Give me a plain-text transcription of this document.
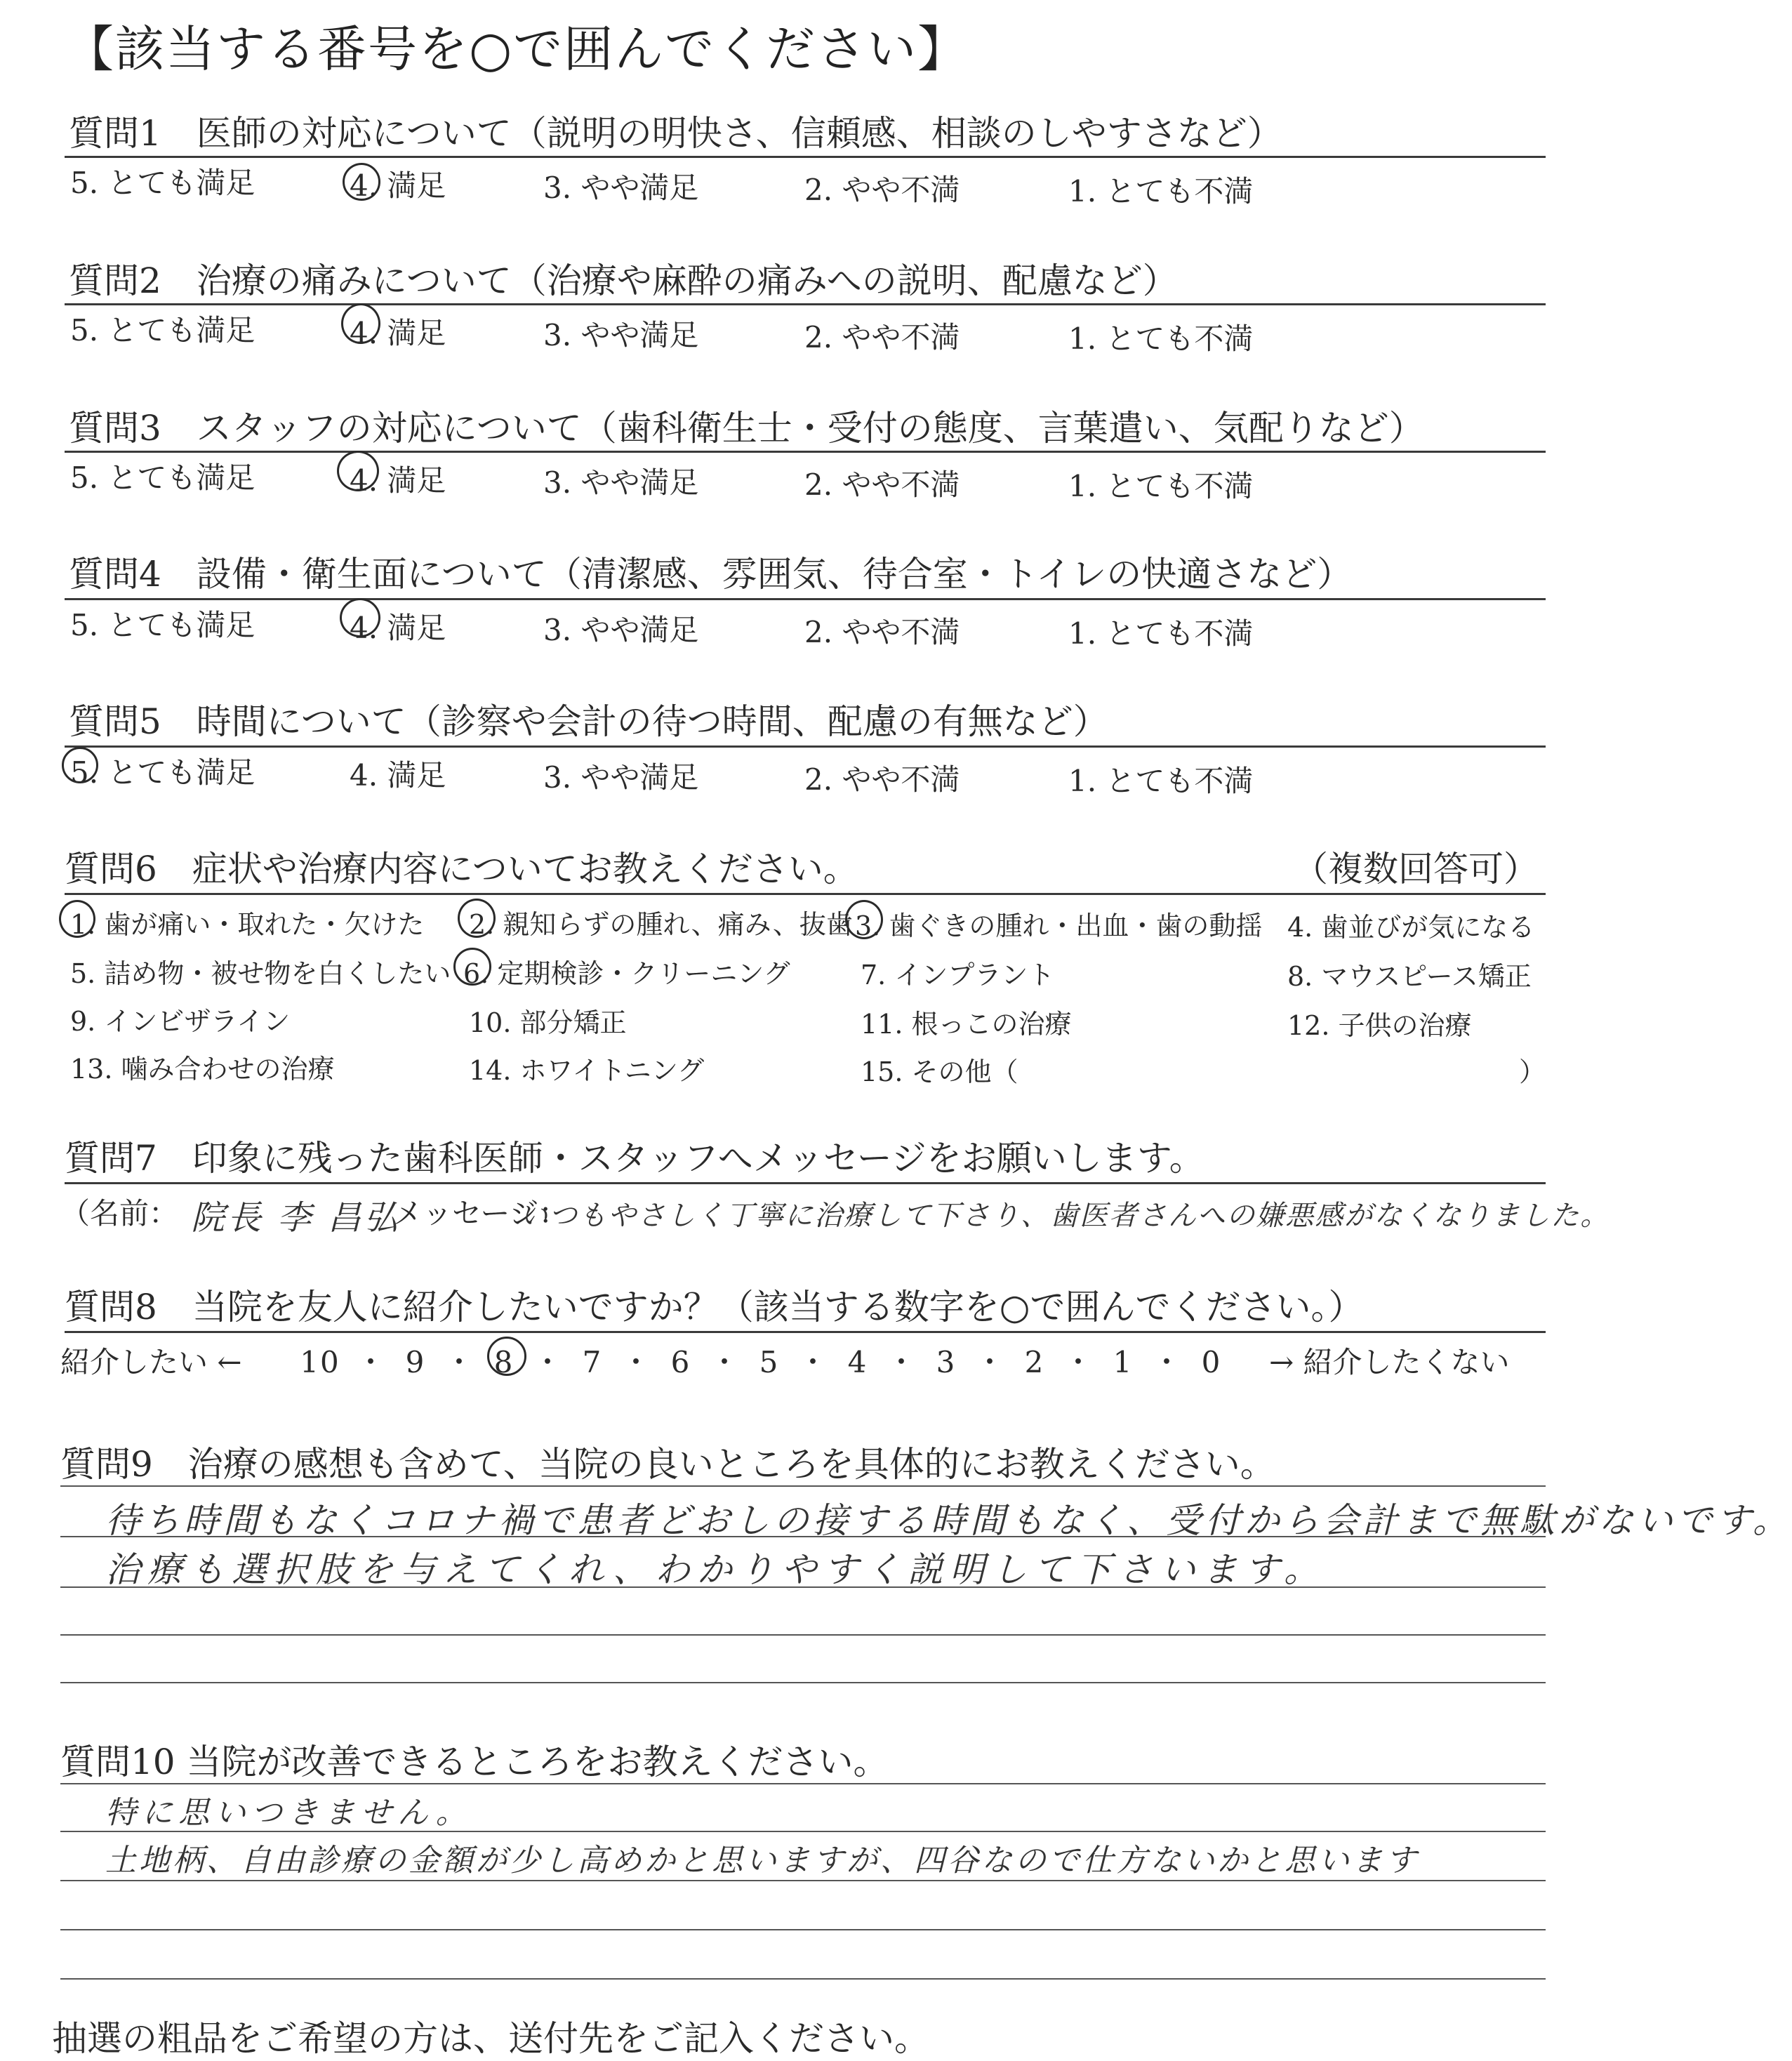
【該当する番号を○で囲んでください】
質問1　医師の対応について（説明の明快さ、信頼感、相談のしやすさなど）
5. とても満足	4. 満足	3. やや満足	2. やや不満	1. とても不満
質問2　治療の痛みについて（治療や麻酔の痛みへの説明、配慮など）
5. とても満足	4. 満足	3. やや満足	2. やや不満	1. とても不満
質問3　スタッフの対応について（歯科衛生士・受付の態度、言葉遣い、気配りなど）
5. とても満足	4. 満足	3. やや満足	2. やや不満	1. とても不満
質問4　設備・衛生面について（清潔感、雰囲気、待合室・トイレの快適さなど）
5. とても満足	4. 満足	3. やや満足	2. やや不満	1. とても不満
質問5　時間について（診察や会計の待つ時間、配慮の有無など）
5. とても満足	4. 満足	3. やや満足	2. やや不満	1. とても不満
質問6　症状や治療内容についてお教えください。	（複数回答可）
1. 歯が痛い・取れた・欠けた 2. 親知らずの腫れ、痛み、抜歯 3. 歯ぐきの腫れ・出血・歯の動揺 4. 歯並びが気になる
5. 詰め物・被せ物を白くしたい 6. 定期検診・クリーニング	7. インプラント	8. マウスピース矯正
9. インビザライン	10. 部分矯正	11. 根っこの治療	12. 子供の治療
13. 噛み合わせの治療	14. ホワイトニング	15. その他（	）
質問7　印象に残った歯科医師・スタッフへメッセージをお願いします。
（名前： 院長 李 昌弘
メッセージ：
いつもやさしく丁寧に治療して下さり、歯医者さんへの嫌悪感がなくなりました。
質問8　当院を友人に紹介したいですか？（該当する数字を○で囲んでください。）
紹介したい ← 10 ・ 9 ・ 8 ・ 7 ・ 6 ・ 5 ・ 4 ・ 3 ・ 2 ・ 1 ・ 0 → 紹介したくない
質問9　治療の感想も含めて、当院の良いところを具体的にお教えください。
待ち時間もなくコロナ禍で患者どおしの接する時間もなく、受付から会計まで無駄がないです。
治療も選択肢を与えてくれ、わかりやすく説明して下さいます。
質問10 当院が改善できるところをお教えください。
特に思いつきません。
土地柄、自由診療の金額が少し高めかと思いますが、四谷なので仕方ないかと思います
抽選の粗品をご希望の方は、送付先をご記入ください。
